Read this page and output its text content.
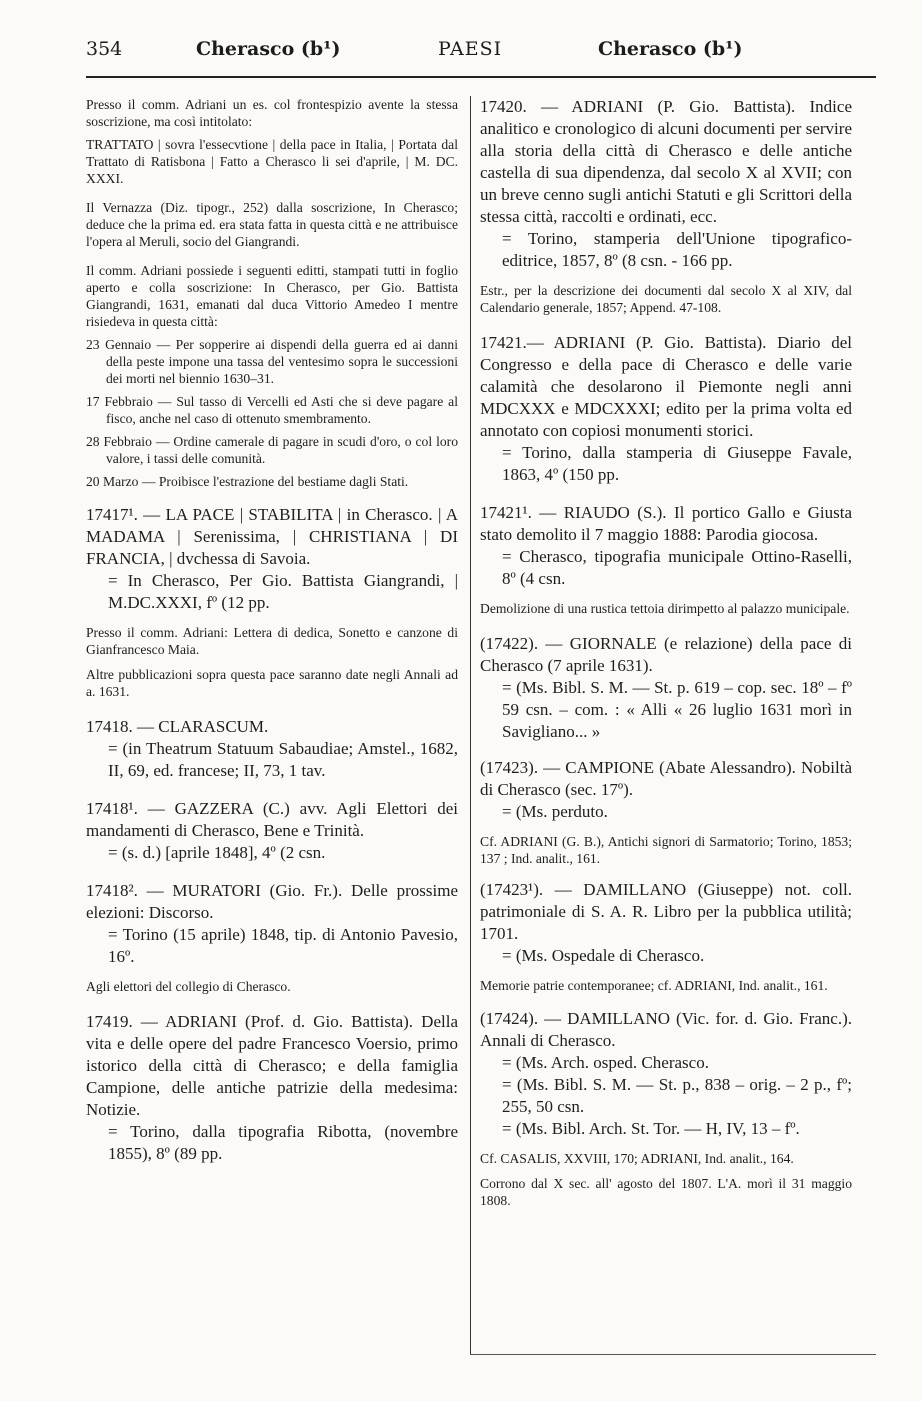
354	Cherasco (b¹)	PAESI	Cherasco (b¹)

Presso il comm. Adriani un es. col frontespizio avente la stessa soscrizione, ma così intitolato:

TRATTATO | sovra l'essecvtione | della pace in Italia, | Portata dal Trattato di Ratisbona | Fatto a Cherasco li sei d'aprile, | M. DC. XXXI.

Il Vernazza (Diz. tipogr., 252) dalla soscrizione, In Cherasco; deduce che la prima ed. era stata fatta in questa città e ne attribuisce l'opera al Meruli, socio del Giangrandi.

Il comm. Adriani possiede i seguenti editti, stampati tutti in foglio aperto e colla soscrizione: In Cherasco, per Gio. Battista Giangrandi, 1631, emanati dal duca Vittorio Amedeo I mentre risiedeva in questa città:

23 Gennaio — Per sopperire ai dispendi della guerra ed ai danni della peste impone una tassa del ventesimo sopra le successioni dei morti nel biennio 1630–31.

17 Febbraio — Sul tasso di Vercelli ed Asti che si deve pagare al fisco, anche nel caso di ottenuto smembramento.

28 Febbraio — Ordine camerale di pagare in scudi d'oro, o col loro valore, i tassi delle comunità.

20 Marzo — Proibisce l'estrazione del bestiame dagli Stati.

17417¹. — LA PACE | STABILITA | in Cherasco. | A MADAMA | Serenissima, | CHRISTIANA | DI FRANCIA, | dvchessa di Savoia.

= In Cherasco, Per Gio. Battista Giangrandi, | M.DC.XXXI, fº (12 pp.

Presso il comm. Adriani: Lettera di dedica, Sonetto e canzone di Gianfrancesco Maia.

Altre pubblicazioni sopra questa pace saranno date negli Annali ad a. 1631.

17418. — CLARASCUM.

= (in Theatrum Statuum Sabaudiae; Amstel., 1682, II, 69, ed. francese; II, 73, 1 tav.

17418¹. — GAZZERA (C.) avv. Agli Elettori dei mandamenti di Cherasco, Bene e Trinità.

= (s. d.) [aprile 1848], 4º (2 csn.

17418². — MURATORI (Gio. Fr.). Delle prossime elezioni: Discorso.

= Torino (15 aprile) 1848, tip. di Antonio Pavesio, 16º.

Agli elettori del collegio di Cherasco.

17419. — ADRIANI (Prof. d. Gio. Battista). Della vita e delle opere del padre Francesco Voersio, primo istorico della città di Cherasco; e della famiglia Campione, delle antiche patrizie della medesima: Notizie.

= Torino, dalla tipografia Ribotta, (novembre 1855), 8º (89 pp.

17420. — ADRIANI (P. Gio. Battista). Indice analitico e cronologico di alcuni documenti per servire alla storia della città di Cherasco e delle antiche castella di sua dipendenza, dal secolo X al XVII; con un breve cenno sugli antichi Statuti e gli Scrittori della stessa città, raccolti e ordinati, ecc.

= Torino, stamperia dell'Unione tipografico-editrice, 1857, 8º (8 csn. - 166 pp.

Estr., per la descrizione dei documenti dal secolo X al XIV, dal Calendario generale, 1857; Append. 47-108.

17421.— ADRIANI (P. Gio. Battista). Diario del Congresso e della pace di Cherasco e delle varie calamità che desolarono il Piemonte negli anni MDCXXX e MDCXXXI; edito per la prima volta ed annotato con copiosi monumenti storici.

= Torino, dalla stamperia di Giuseppe Favale, 1863, 4º (150 pp.

17421¹. — RIAUDO (S.). Il portico Gallo e Giusta stato demolito il 7 maggio 1888: Parodia giocosa.

= Cherasco, tipografia municipale Ottino-Raselli, 8º (4 csn.

Demolizione di una rustica tettoia dirimpetto al palazzo municipale.

(17422). — GIORNALE (e relazione) della pace di Cherasco (7 aprile 1631).

= (Ms. Bibl. S. M. — St. p. 619 – cop. sec. 18º – fº 59 csn. – com. : « Alli « 26 luglio 1631 morì in Savigliano... »

(17423). — CAMPIONE (Abate Alessandro). Nobiltà di Cherasco (sec. 17º).

= (Ms. perduto.

Cf. ADRIANI (G. B.), Antichi signori di Sarmatorio; Torino, 1853; 137 ; Ind. analit., 161.

(17423¹). — DAMILLANO (Giuseppe) not. coll. patrimoniale di S. A. R. Libro per la pubblica utilità; 1701.

= (Ms. Ospedale di Cherasco.

Memorie patrie contemporanee; cf. ADRIANI, Ind. analit., 161.

(17424). — DAMILLANO (Vic. for. d. Gio. Franc.). Annali di Cherasco.

= (Ms. Arch. osped. Cherasco.

= (Ms. Bibl. S. M. — St. p., 838 – orig. – 2 p., fº; 255, 50 csn.

= (Ms. Bibl. Arch. St. Tor. — H, IV, 13 – fº.

Cf. CASALIS, XXVIII, 170; ADRIANI, Ind. analit., 164.

Corrono dal X sec. all' agosto del 1807. L'A. morì il 31 maggio 1808.
